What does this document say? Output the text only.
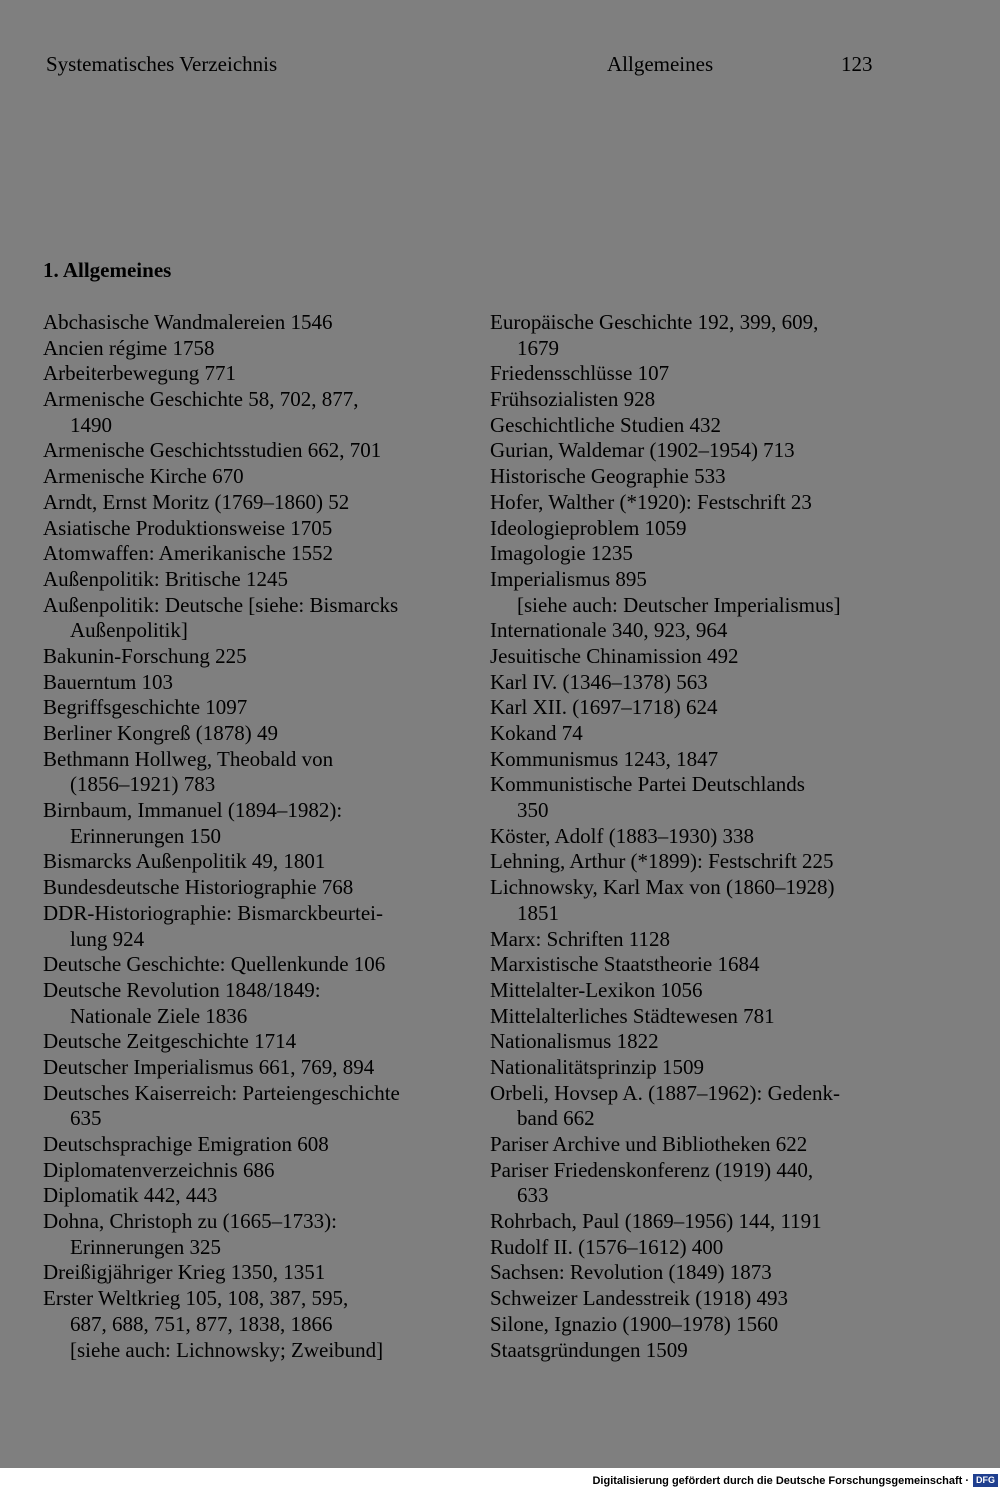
Systematisches Verzeichnis	Allgemeines	123
1. Allgemeines
Abchasische Wandmalereien 1546
Ancien régime 1758
Arbeiterbewegung 771
Armenische Geschichte 58, 702, 877,
1490
Armenische Geschichtsstudien 662, 701
Armenische Kirche 670
Arndt, Ernst Moritz (1769–1860) 52
Asiatische Produktionsweise 1705
Atomwaffen: Amerikanische 1552
Außenpolitik: Britische 1245
Außenpolitik: Deutsche [siehe: Bismarcks
Außenpolitik]
Bakunin-Forschung 225
Bauerntum 103
Begriffsgeschichte 1097
Berliner Kongreß (1878) 49
Bethmann Hollweg, Theobald von
(1856–1921) 783
Birnbaum, Immanuel (1894–1982):
Erinnerungen 150
Bismarcks Außenpolitik 49, 1801
Bundesdeutsche Historiographie 768
DDR-Historiographie: Bismarckbeurtei-
lung 924
Deutsche Geschichte: Quellenkunde 106
Deutsche Revolution 1848/1849:
Nationale Ziele 1836
Deutsche Zeitgeschichte 1714
Deutscher Imperialismus 661, 769, 894
Deutsches Kaiserreich: Parteiengeschichte
635
Deutschsprachige Emigration 608
Diplomatenverzeichnis 686
Diplomatik 442, 443
Dohna, Christoph zu (1665–1733):
Erinnerungen 325
Dreißigjähriger Krieg 1350, 1351
Erster Weltkrieg 105, 108, 387, 595,
687, 688, 751, 877, 1838, 1866
[siehe auch: Lichnowsky; Zweibund]
Europäische Geschichte 192, 399, 609,
1679
Friedensschlüsse 107
Frühsozialisten 928
Geschichtliche Studien 432
Gurian, Waldemar (1902–1954) 713
Historische Geographie 533
Hofer, Walther (*1920): Festschrift 23
Ideologieproblem 1059
Imagologie 1235
Imperialismus 895
[siehe auch: Deutscher Imperialismus]
Internationale 340, 923, 964
Jesuitische Chinamission 492
Karl IV. (1346–1378) 563
Karl XII. (1697–1718) 624
Kokand 74
Kommunismus 1243, 1847
Kommunistische Partei Deutschlands
350
Köster, Adolf (1883–1930) 338
Lehning, Arthur (*1899): Festschrift 225
Lichnowsky, Karl Max von (1860–1928)
1851
Marx: Schriften 1128
Marxistische Staatstheorie 1684
Mittelalter-Lexikon 1056
Mittelalterliches Städtewesen 781
Nationalismus 1822
Nationalitätsprinzip 1509
Orbeli, Hovsep A. (1887–1962): Gedenk-
band 662
Pariser Archive und Bibliotheken 622
Pariser Friedenskonferenz (1919) 440,
633
Rohrbach, Paul (1869–1956) 144, 1191
Rudolf II. (1576–1612) 400
Sachsen: Revolution (1849) 1873
Schweizer Landesstreik (1918) 493
Silone, Ignazio (1900–1978) 1560
Staatsgründungen 1509
Digitalisierung gefördert durch die Deutsche Forschungsgemeinschaft · DFG
